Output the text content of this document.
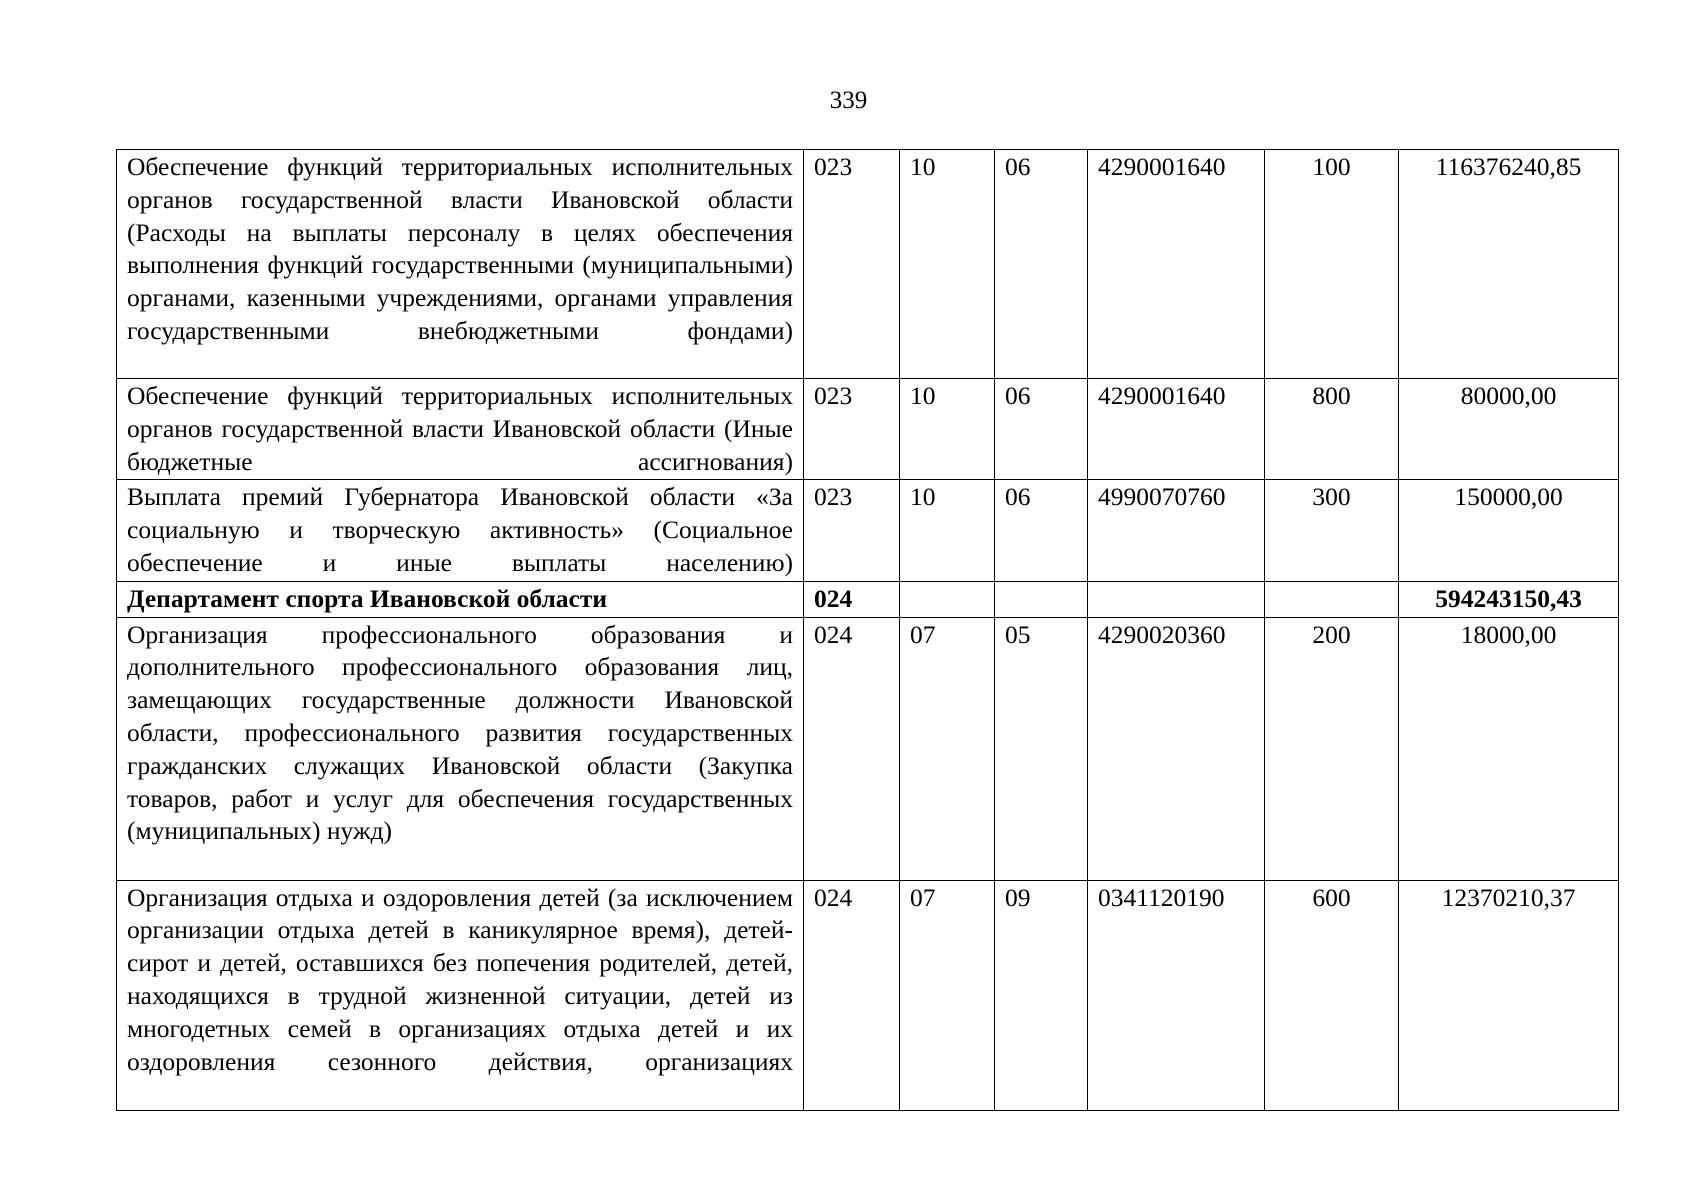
339
Обеспечение функций территориальных исполнительных органов государственной власти Ивановской области (Расходы на выплаты персоналу в целях обеспечения выполнения функций государственными (муниципальными) органами, казенными учреждениями, органами управления государственными внебюджетными фондами)	023	10	06	4290001640	100	116376240,85
Обеспечение функций территориальных исполнительных органов государственной власти Ивановской области (Иные бюджетные ассигнования)	023	10	06	4290001640	800	80000,00
Выплата премий Губернатора Ивановской области «За социальную и творческую активность» (Социальное обеспечение и иные выплаты населению)	023	10	06	4990070760	300	150000,00
Департамент спорта Ивановской области	024					594243150,43
Организация профессионального образования и дополнительного профессионального образования лиц, замещающих государственные должности Ивановской области, профессионального развития государственных гражданских служащих Ивановской области (Закупка товаров, работ и услуг для обеспечения государственных (муниципальных) нужд)	024	07	05	4290020360	200	18000,00
Организация отдыха и оздоровления детей (за исключением организации отдыха детей в каникулярное время), детей-сирот и детей, оставшихся без попечения родителей, детей, находящихся в трудной жизненной ситуации, детей из многодетных семей в организациях отдыха детей и их оздоровления сезонного действия, организациях	024	07	09	0341120190	600	12370210,37
